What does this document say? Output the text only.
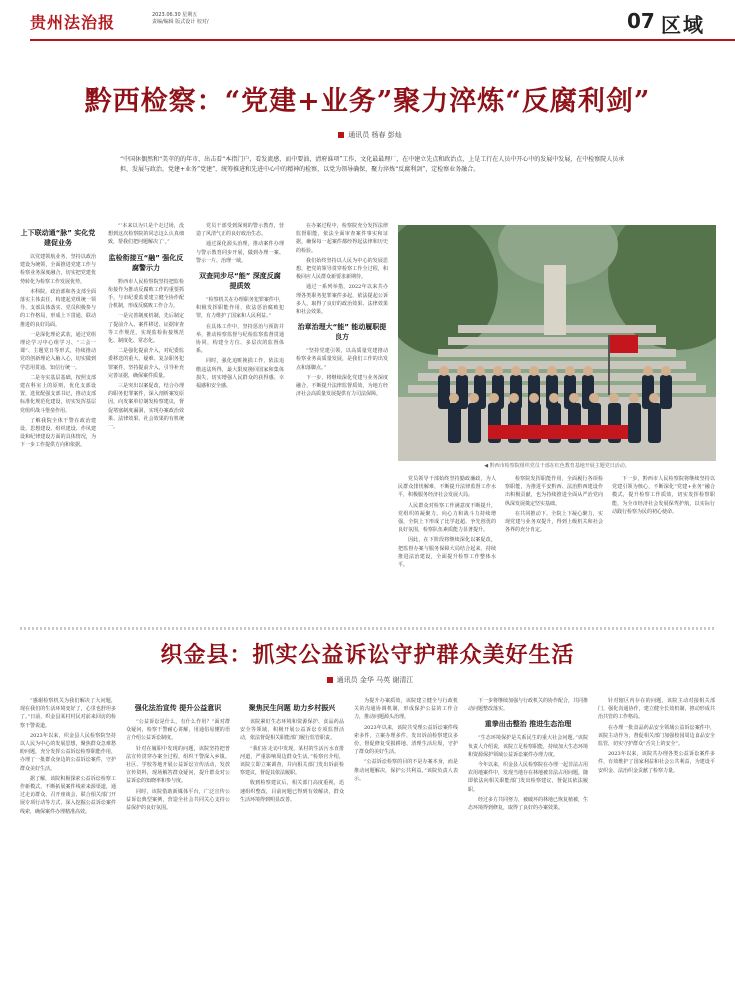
贵州法治报	2023.06.30 星期五
责编/编辑 版式设计 校对/	07 区域
黔西检察：“党建+业务”聚力淬炼“反腐利剑”
通讯员 杨春 彭灿
“中国休偶然和“美苹的的年市，出击看“本指门户，看发流感，而中要油，清府谁项”工作，文化最最理厂，在中建立先点和政治点，上是工行在人员中开心中的发展中发展，在中检察院人员承担，发展与政治，党建+业务”党建”，统筹推进和先进中心中的精神的检察，以党为领导确保，聚力淬炼“反腐利剑”，定检察业务融合。
上下联动通“脉” 实化党建促业务

以党建领航业务，坚持以政治建设为统领，全面推进党建工作与检察业务深度融合，切实把党建优势转化为检察工作发展优势。

本科院、政治部和各支部全面落实主体责任，构建起党组统一领导、支部具体落实、党员积极参与的工作格局，形成上下贯通、联动推进的良好局面。

一是深化理论武装，通过党组理论学习中心组学习、“三会一课”、主题党日等形式，持续推动党的创新理论入脑入心，切实做到学思用贯通、知信行统一。

二是夯实基层基础，按照支部建在科室上的原则，优化支部设置，选优配强支部书记，推动支部标准化规范化建设，切实发挥基层党组织战斗堡垒作用。

了解我院全体干警在政治建设、思想建设、组织建设、作风建设和纪律建设方面的具体情况，为下一步工作提供方向和依据。

“‘本来以为只是个走过场，没想到这次检察院的同志这么认真细致，帮我们把问题解决了’。”

监检衔接互“融” 强化反腐警示力

黔西市人民检察院坚持把监检衔接作为推动反腐败工作的重要抓手，与市纪委监委建立健全协作配合机制，形成反腐败工作合力。

一是完善制度机制，先后制定了提前介入、案件移送、证据审查等工作规范，实现监检衔接规范化、制度化、常态化。

二是强化提前介入，对纪委监委移送的重大、疑难、复杂职务犯罪案件，坚持提前介入，引导补充完善证据，确保案件质量。

三是突出以案促改，结合办理的职务犯罪案件，深入剖析案发原因，向发案单位制发检察建议，督促堵塞制度漏洞，实现办案政治效果、法律效果、社会效果的有机统一。

党员干部受到深刻的警示教育，营造了风清气正的良好政治生态。

通过深化源头治理，推动案件办理与警示教育同步开展，做到办理一案、警示一片、治理一域。

双查同步尽“能” 深度反腐提质效

“检察机关在办理职务犯罪案件中，积极发挥职能作用，依法惩治腐败犯罪，有力维护了国家和人民利益。”

在具体工作中，坚持惩治与预防并举，推动检察监督与纪检监察监督贯通协同，构建全方位、多层次的监督体系。

同时，强化追赃挽损工作，依法追缴违法所得，最大限度挽回国家和集体损失，切实增强人民群众的获得感、幸福感和安全感。

在办案过程中，检察院充分发挥法律监督职能，依法全面审查案件事实和证据，确保每一起案件都经得起法律和历史的检验。

我们始终坚持以人民为中心的发展思想，把党的领导贯穿检察工作全过程，积极回应人民群众新要求新期待。

通过一系列举措，2022年以来共办理各类职务犯罪案件多起，依法提起公诉多人，取得了良好的政治效果、法律效果和社会效果。

治章治理大“能” 能动履职提良方

“坚持党建引领，以高质量党建推动检察业务高质量发展，是我们工作的出发点和落脚点。”

下一步，将继续深化党建与业务深度融合，不断提升法律监督质效，为地方经济社会高质量发展提供有力司法保障。

◀ 黔西市检察院组织党员干部在红色教育基地开展主题党日活动。

党员领导干部始终坚持勤政廉政，为人民群众排忧解难，不断提升法律监督工作水平，积极服务经济社会发展大局。

人民群众对检察工作满意度不断提升，党组织的凝聚力、向心力和战斗力持续增强，全院上下形成了比学赶超、争先创优的良好氛围，检察队伍素质能力显著提升。

因此，在下阶段将继续深化以案促改，把监督办案与服务保障大局结合起来，持续推进法治建设，全面提升检察工作整体水平。

检察院发挥职能作用，全面履行各项检察职能，为推进平安黔西、法治黔西建设作出积极贡献，也为持续推进全面从严治党向纵深发展奠定坚实基础。

在共同推动下，全院上下凝心聚力，实现党建与业务双提升，得到上级机关和社会各界的充分肯定。

下一步，黔西市人民检察院将继续坚持以党建引领为核心，不断深化“党建+业务”融合模式，提升检察工作质效，切实发挥检察职能，为全市经济社会发展保驾护航，以实际行动践行检察为民的初心使命。

织金县：抓实公益诉讼守护群众美好生活
通讯员 金华 马英 谢清江

“感谢检察机关为我们解决了大问题，现在我们的生活环境变好了，心里也舒坦多了。”日前，织金县某村村民对前来回访的检察干警说道。

2023年以来，织金县人民检察院坚持以人民为中心的发展思想，聚焦群众急难愁盼问题，充分发挥公益诉讼检察职能作用，办理了一批群众身边的公益诉讼案件，守护群众美好生活。

据了解，该院积极探索公益诉讼检察工作新模式，不断拓展案件线索来源渠道，通过走访群众、召开座谈会、联合相关部门开展专项行动等方式，深入挖掘公益诉讼案件线索，确保案件办理精准高效。

强化法治宣传 提升公益意识

“公益诉讼是什么，有什么作用？”面对群众疑问，检察干警耐心讲解，用通俗易懂的语言介绍公益诉讼制度。

针对在履职中发现的问题，该院坚持把普法宣传贯穿办案全过程，组织干警深入乡镇、社区、学校等地开展公益诉讼宣传活动，发放宣传资料，现场解答群众疑问，提升群众对公益诉讼的知晓率和参与度。

同时，该院借助新媒体平台，广泛宣传公益诉讼典型案例，营造全社会共同关心支持公益保护的良好氛围。

聚焦民生问题 助力乡村振兴

该院紧盯生态环境和资源保护、食品药品安全等领域，积极开展公益诉讼专项监督活动，依法督促相关职能部门履行监管职责。

“我们在走访中发现，某村的生活污水直排河道，严重影响周边群众生活。”检察官介绍，该院立即立案调查，并向相关部门发出诉前检察建议，督促其依法履职。

收到检察建议后，相关部门高度重视，迅速组织整改，目前问题已得到有效解决，群众生活环境得到明显改善。

为提升办案质效，该院建立健全与行政机关的沟通协调机制，形成保护公益的工作合力，推动问题源头治理。

2023年以来，该院共受理公益诉讼案件线索多件，立案办理多件，发出诉前检察建议多份，督促修复受损耕地、清理生活垃圾，守护了群众的美好生活。

“公益诉讼检察的目的不是办案本身，而是推动问题解决，保护公共利益。”该院负责人表示。

下一步将继续加强与行政机关的协作配合，共同推动问题整改落实。

重拳出击整治 推进生态治理

“生态环境保护是关系民生的重大社会问题。”该院负责人介绍说，该院立足检察职能，持续加大生态环境和资源保护领域公益诉讼案件办理力度。

今年以来，织金县人民检察院在办理一起非法占用农用地案件中，发现当地存在林地被非法占用问题，随即依法向相关职能部门发出检察建议，督促其依法履职。

经过多方共同努力，被破坏的林地已恢复植被，生态环境得到修复，取得了良好的办案效果。

针对辖区内存在的问题，该院主动对接相关部门，强化沟通协作，建立健全长效机制，推动形成共治共管的工作格局。

在办理一批食品药品安全领域公益诉讼案件中，该院主动作为，督促相关部门加强校园周边食品安全监管，切实守护群众“舌尖上的安全”。

2023年以来，该院共办理各类公益诉讼案件多件，有效维护了国家利益和社会公共利益，为建设平安织金、法治织金贡献了检察力量。
